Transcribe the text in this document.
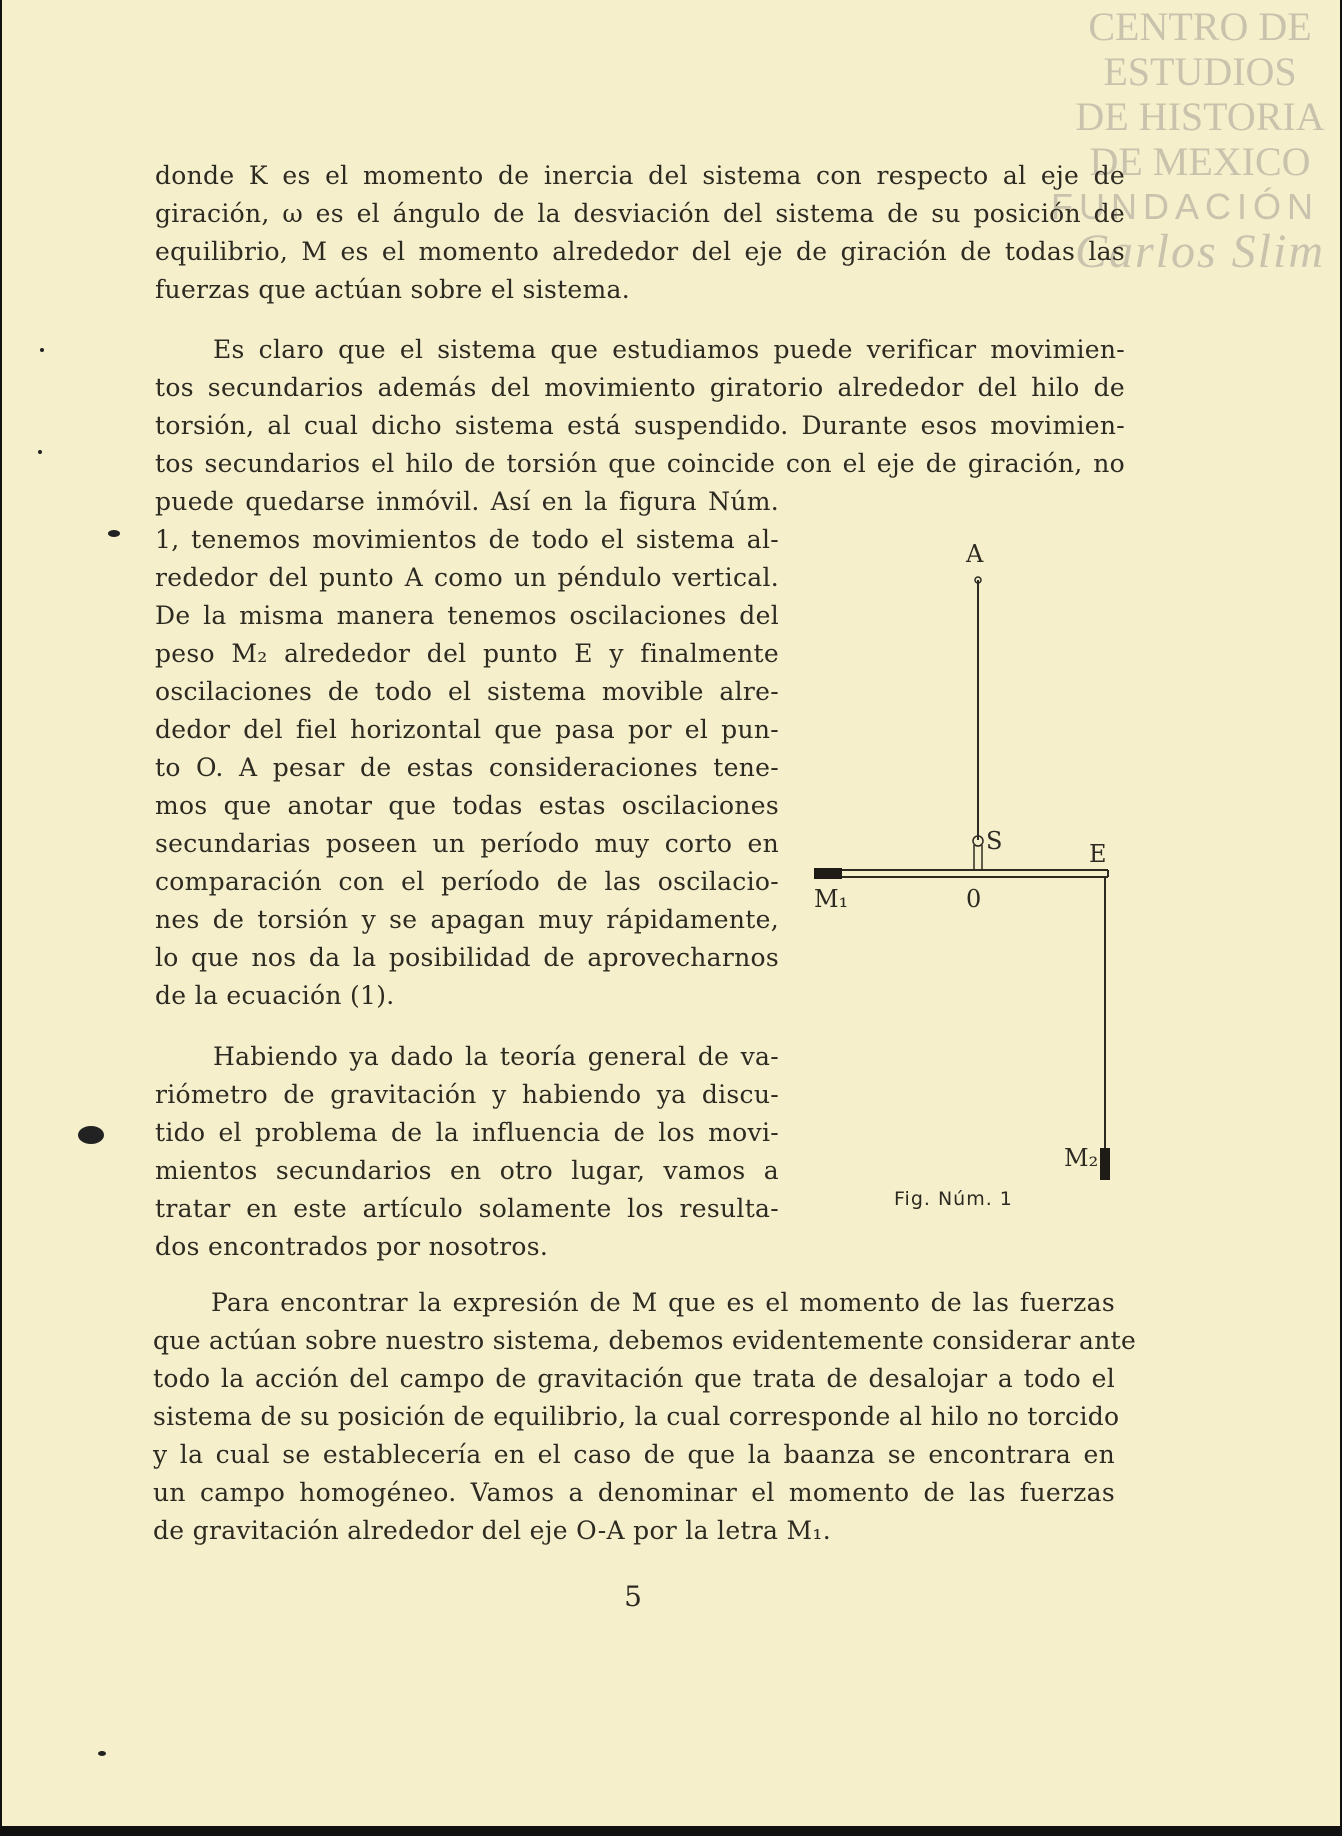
CENTRO DE
ESTUDIOS
DE HISTORIA
DE MEXICO
FUNDACIÓN
Carlos Slim
donde K es el momento de inercia del sistema con respecto al eje de
giración, ω es el ángulo de la desviación del sistema de su posición de
equilibrio, M es el momento alrededor del eje de giración de todas las
fuerzas que actúan sobre el sistema.
Es claro que el sistema que estudiamos puede verificar movimien-
tos secundarios además del movimiento giratorio alrededor del hilo de
torsión, al cual dicho sistema está suspendido. Durante esos movimien-
tos secundarios el hilo de torsión que coincide con el eje de giración, no
puede quedarse inmóvil. Así en la figura Núm.
1, tenemos movimientos de todo el sistema al-
rededor del punto A como un péndulo vertical.
De la misma manera tenemos oscilaciones del
peso M₂ alrededor del punto E y finalmente
oscilaciones de todo el sistema movible alre-
dedor del fiel horizontal que pasa por el pun-
to O. A pesar de estas consideraciones tene-
mos que anotar que todas estas oscilaciones
secundarias poseen un período muy corto en
comparación con el período de las oscilacio-
nes de torsión y se apagan muy rápidamente,
lo que nos da la posibilidad de aprovecharnos
de la ecuación (1).
Habiendo ya dado la teoría general de va-
riómetro de gravitación y habiendo ya discu-
tido el problema de la influencia de los movi-
mientos secundarios en otro lugar, vamos a
tratar en este artículo solamente los resulta-
dos encontrados por nosotros.
A
S	E
0
M₁
M₂
Fig. Núm. 1
Para encontrar la expresión de M que es el momento de las fuerzas
que actúan sobre nuestro sistema, debemos evidentemente considerar ante
todo la acción del campo de gravitación que trata de desalojar a todo el
sistema de su posición de equilibrio, la cual corresponde al hilo no torcido
y la cual se establecería en el caso de que la baanza se encontrara en
un campo homogéneo. Vamos a denominar el momento de las fuerzas
de gravitación alrededor del eje O-A por la letra M₁.
5
